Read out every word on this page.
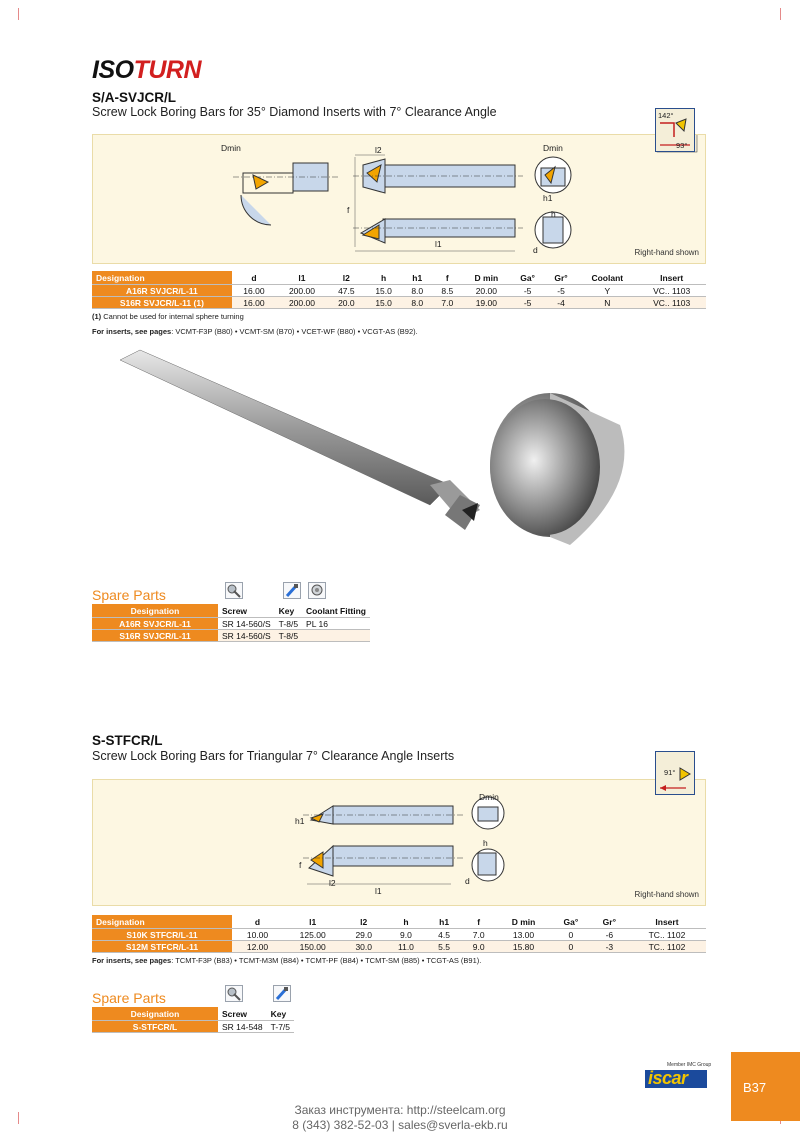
ISOTURN
S/A-SVJCR/L
Screw Lock Boring Bars for 35° Diamond Inserts with 7° Clearance Angle
Dmin	l2	Dmin
h1
h
f
l1
d	Right-hand shown
142°
93°
Designation	d	l1	l2	h	h1	f	D min	Ga°	Gr°	Coolant	Insert
A16R SVJCR/L-11	16.00	200.00	47.5	15.0	8.0	8.5	20.00	-5	-5	Y	VC.. 1103
S16R SVJCR/L-11 (1)	16.00	200.00	20.0	15.0	8.0	7.0	19.00	-5	-4	N	VC.. 1103
(1) Cannot be used for internal sphere turning
For inserts, see pages: VCMT-F3P (B80) • VCMT-SM (B70) • VCET-WF (B80) • VCGT-AS (B92).
Spare Parts
Designation	Screw	Key	Coolant Fitting
A16R SVJCR/L-11	SR 14-560/S	T-8/5	PL 16
S16R SVJCR/L-11	SR 14-560/S	T-8/5	
S-STFCR/L
Screw Lock Boring Bars for Triangular 7° Clearance Angle Inserts
Dmin
h1
h
f
l2
l1
d
Right-hand shown
91°
Designation	d	l1	l2	h	h1	f	D min	Ga°	Gr°	Insert
S10K STFCR/L-11	10.00	125.00	29.0	9.0	4.5	7.0	13.00	0	-6	TC.. 1102
S12M STFCR/L-11	12.00	150.00	30.0	11.0	5.5	9.0	15.80	0	-3	TC.. 1102
For inserts, see pages: TCMT-F3P (B83) • TCMT-M3M (B84) • TCMT-PF (B84) • TCMT-SM (B85) • TCGT-AS (B91).
Spare Parts
Designation	Screw	Key
S-STFCR/L	SR 14-548	T-7/5
Member IMC Group
iscar	B37
Заказ инструмента: http://steelcam.org
8 (343) 382-52-03 | sales@sverla-ekb.ru
